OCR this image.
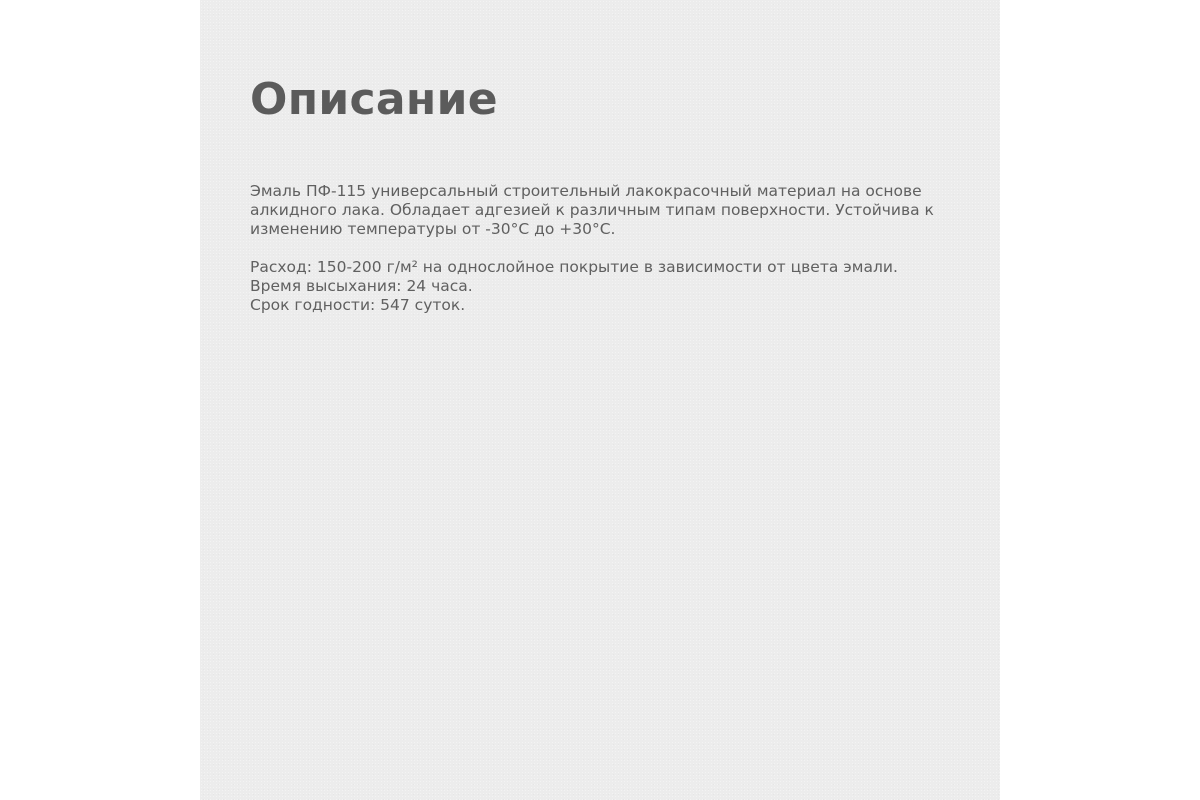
Описание

Эмаль ПФ-115 универсальный строительный лакокрасочный материал на основе

алкидного лака. Обладает адгезией к различным типам поверхности. Устойчива к

изменению температуры от -30°С до +30°С.

Расход: 150-200 г/м² на однослойное покрытие в зависимости от цвета эмали.

Время высыхания: 24 часа.

Срок годности: 547 суток.
